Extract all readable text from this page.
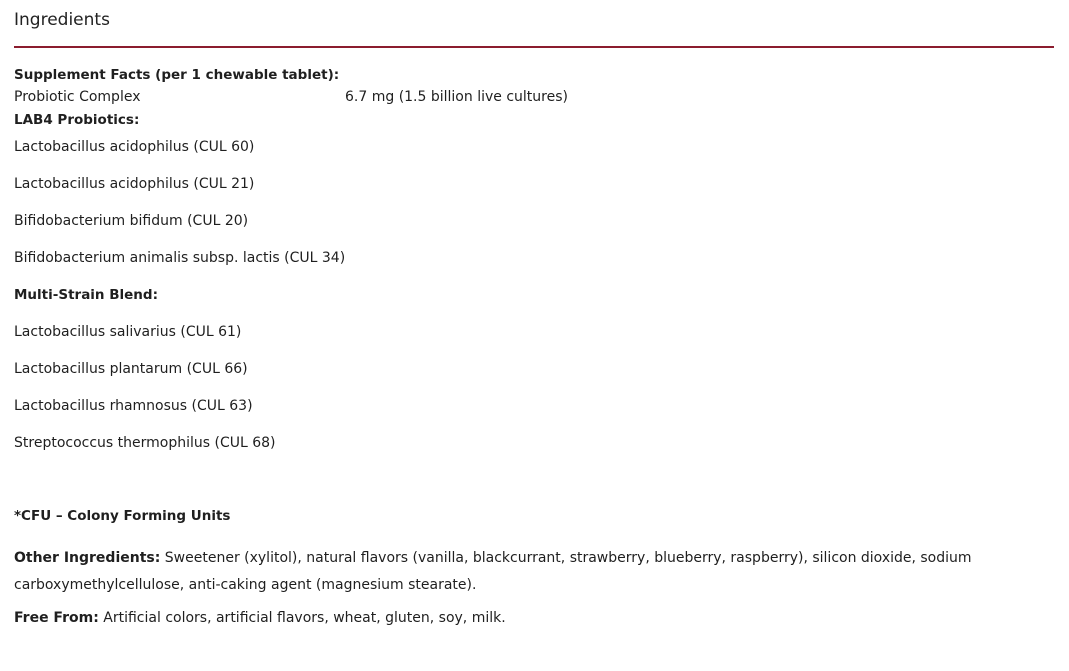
Ingredients

Supplement Facts (per 1 chewable tablet):

Probiotic Complex	6.7 mg (1.5 billion live cultures)

LAB4 Probiotics:

Lactobacillus acidophilus (CUL 60)

Lactobacillus acidophilus (CUL 21)

Bifidobacterium bifidum (CUL 20)

Bifidobacterium animalis subsp. lactis (CUL 34)

Multi-Strain Blend:

Lactobacillus salivarius (CUL 61)

Lactobacillus plantarum (CUL 66)

Lactobacillus rhamnosus (CUL 63)

Streptococcus thermophilus (CUL 68)

*CFU – Colony Forming Units

Other Ingredients: Sweetener (xylitol), natural flavors (vanilla, blackcurrant, strawberry, blueberry, raspberry), silicon dioxide, sodium carboxymethylcellulose, anti-caking agent (magnesium stearate).

Free From: Artificial colors, artificial flavors, wheat, gluten, soy, milk.
